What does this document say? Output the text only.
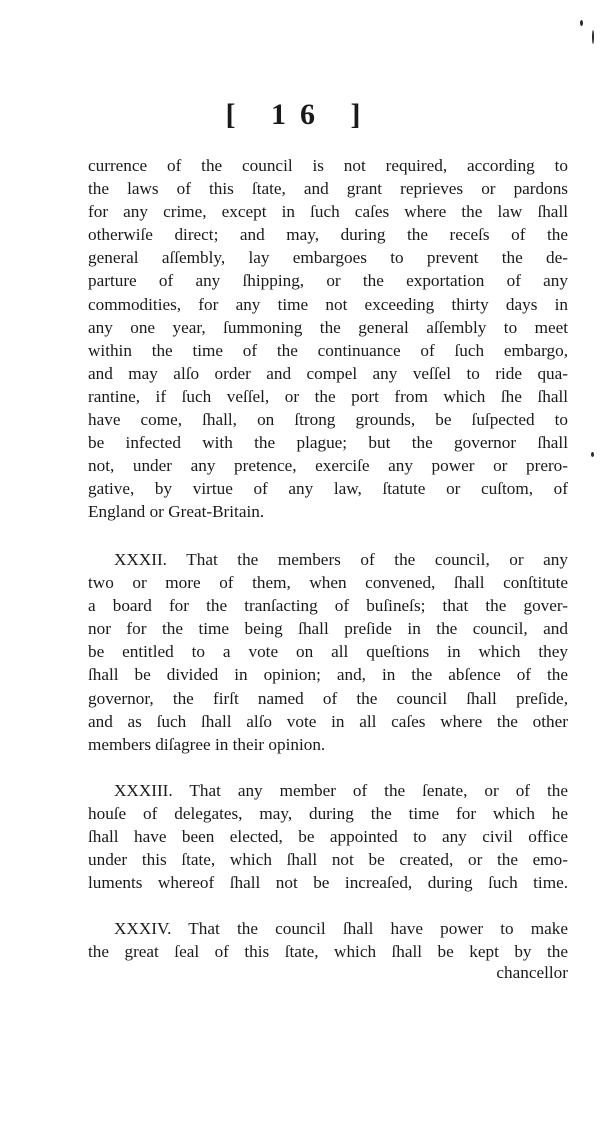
[ 16 ]
currence of the council is not required, according to
the laws of this ſtate, and grant reprieves or pardons
for any crime, except in ſuch caſes where the law ſhall
otherwiſe direct; and may, during the receſs of the
general aſſembly, lay embargoes to prevent the de-
parture of any ſhipping, or the exportation of any
commodities, for any time not exceeding thirty days in
any one year, ſummoning the general aſſembly to meet
within the time of the continuance of ſuch embargo,
and may alſo order and compel any veſſel to ride qua-
rantine, if ſuch veſſel, or the port from which ſhe ſhall
have come, ſhall, on ſtrong grounds, be ſuſpected to
be infected with the plague; but the governor ſhall
not, under any pretence, exerciſe any power or prero-
gative, by virtue of any law, ſtatute or cuſtom, of
England or Great-Britain.
XXXII. That the members of the council, or any
two or more of them, when convened, ſhall conſtitute
a board for the tranſacting of buſineſs; that the gover-
nor for the time being ſhall preſide in the council, and
be entitled to a vote on all queſtions in which they
ſhall be divided in opinion; and, in the abſence of the
governor, the firſt named of the council ſhall preſide,
and as ſuch ſhall alſo vote in all caſes where the other
members diſagree in their opinion.
XXXIII. That any member of the ſenate, or of the
houſe of delegates, may, during the time for which he
ſhall have been elected, be appointed to any civil office
under this ſtate, which ſhall not be created, or the emo-
luments whereof ſhall not be increaſed, during ſuch time.
XXXIV. That the council ſhall have power to make
the great ſeal of this ſtate, which ſhall be kept by the
chancellor
